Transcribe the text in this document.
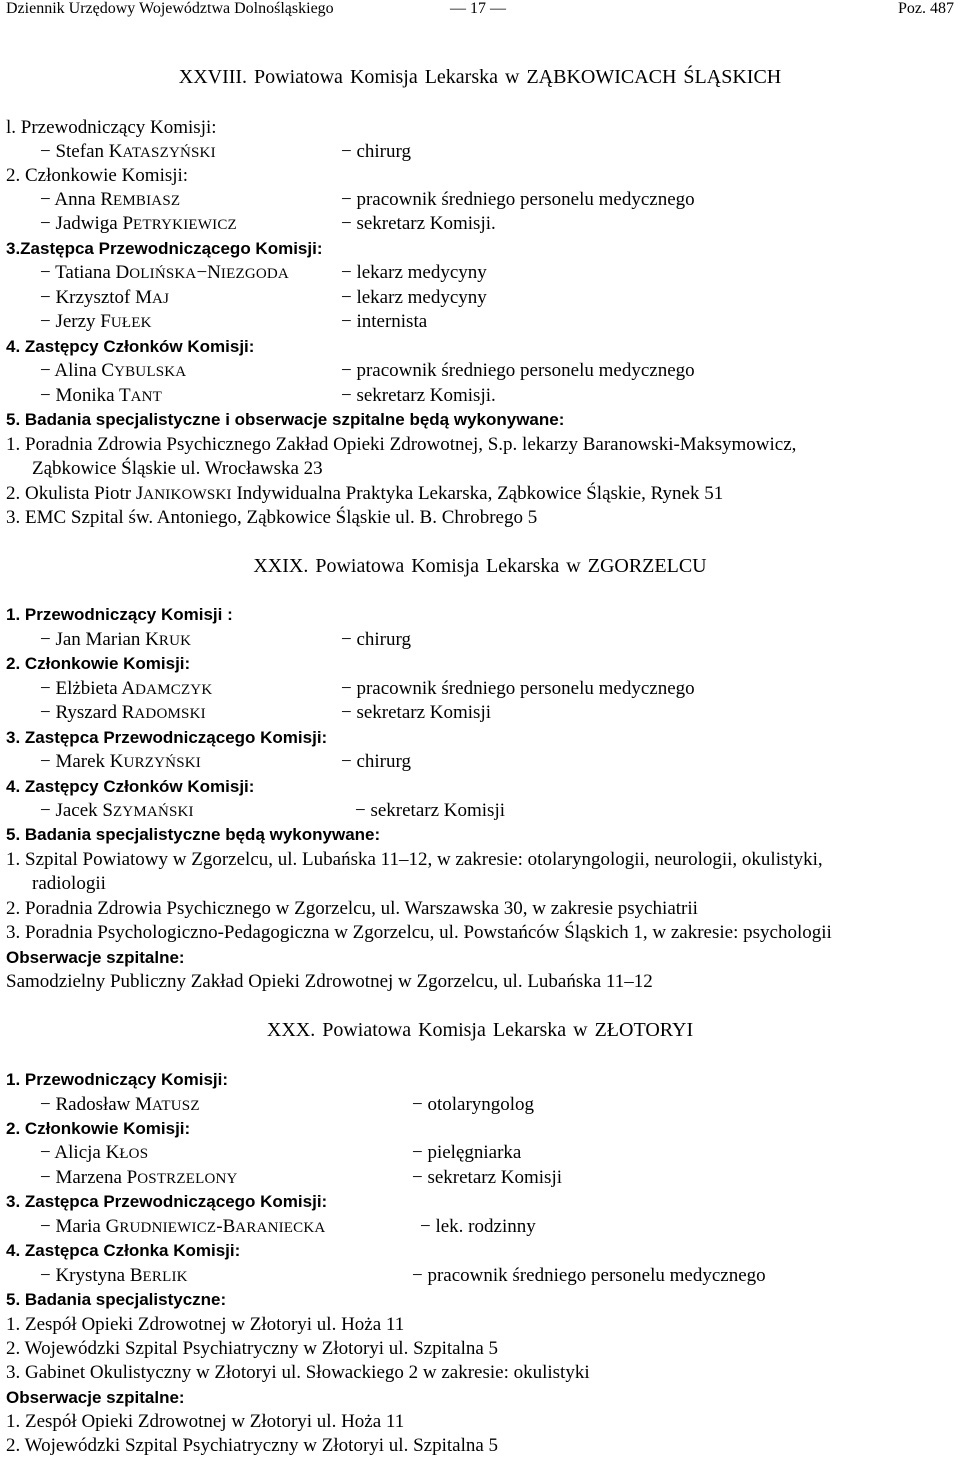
Dziennik Urzędowy Województwa Dolnośląskiego	— 17 —	Poz. 487
XXVIII. Powiatowa Komisja Lekarska w ZĄBKOWICACH ŚLĄSKICH
l. Przewodniczący Komisji:
− Stefan KATASZYŃSKI	− chirurg
2. Członkowie Komisji:
− Anna REMBIASZ	− pracownik średniego personelu medycznego
− Jadwiga PETRYKIEWICZ	− sekretarz Komisji.
3.Zastępca Przewodniczącego Komisji:
− Tatiana DOLIŃSKA−NIEZGODA	− lekarz medycyny
− Krzysztof MAJ	− lekarz medycyny
− Jerzy FUŁEK	− internista
4. Zastępcy Członków Komisji:
− Alina CYBULSKA	− pracownik średniego personelu medycznego
− Monika TANT	− sekretarz Komisji.
5. Badania specjalistyczne i obserwacje szpitalne będą wykonywane:
1. Poradnia Zdrowia Psychicznego Zakład Opieki Zdrowotnej, S.p. lekarzy Baranowski-Maksymowicz,
Ząbkowice Śląskie ul. Wrocławska 23
2. Okulista Piotr JANIKOWSKI Indywidualna Praktyka Lekarska, Ząbkowice Śląskie, Rynek 51
3. EMC Szpital św. Antoniego, Ząbkowice Śląskie ul. B. Chrobrego 5
XXIX. Powiatowa Komisja Lekarska w ZGORZELCU
1. Przewodniczący Komisji :
− Jan Marian KRUK	− chirurg
2. Członkowie Komisji:
− Elżbieta ADAMCZYK	− pracownik średniego personelu medycznego
− Ryszard RADOMSKI	− sekretarz Komisji
3. Zastępca Przewodniczącego Komisji:
− Marek KURZYŃSKI	− chirurg
4. Zastępcy Członków Komisji:
− Jacek SZYMAŃSKI	− sekretarz Komisji
5. Badania specjalistyczne będą wykonywane:
1. Szpital Powiatowy w Zgorzelcu, ul. Lubańska 11–12, w zakresie: otolaryngologii, neurologii, okulistyki,
radiologii
2. Poradnia Zdrowia Psychicznego w Zgorzelcu, ul. Warszawska 30, w zakresie psychiatrii
3. Poradnia Psychologiczno-Pedagogiczna w Zgorzelcu, ul. Powstańców Śląskich 1, w zakresie: psychologii
Obserwacje szpitalne:
Samodzielny Publiczny Zakład Opieki Zdrowotnej w Zgorzelcu, ul. Lubańska 11–12
XXX. Powiatowa Komisja Lekarska w ZŁOTORYI
1. Przewodniczący Komisji:
− Radosław MATUSZ	− otolaryngolog
2. Członkowie Komisji:
− Alicja KŁOS	− pielęgniarka
− Marzena POSTRZELONY	− sekretarz Komisji
3. Zastępca Przewodniczącego Komisji:
− Maria GRUDNIEWICZ-BARANIECKA	− lek. rodzinny
4. Zastępca Członka Komisji:
− Krystyna BERLIK	− pracownik średniego personelu medycznego
5. Badania specjalistyczne:
1. Zespół Opieki Zdrowotnej w Złotoryi ul. Hoża 11
2. Wojewódzki Szpital Psychiatryczny w Złotoryi ul. Szpitalna 5
3. Gabinet Okulistyczny w Złotoryi ul. Słowackiego 2 w zakresie: okulistyki
Obserwacje szpitalne:
1. Zespół Opieki Zdrowotnej w Złotoryi ul. Hoża 11
2. Wojewódzki Szpital Psychiatryczny w Złotoryi ul. Szpitalna 5
